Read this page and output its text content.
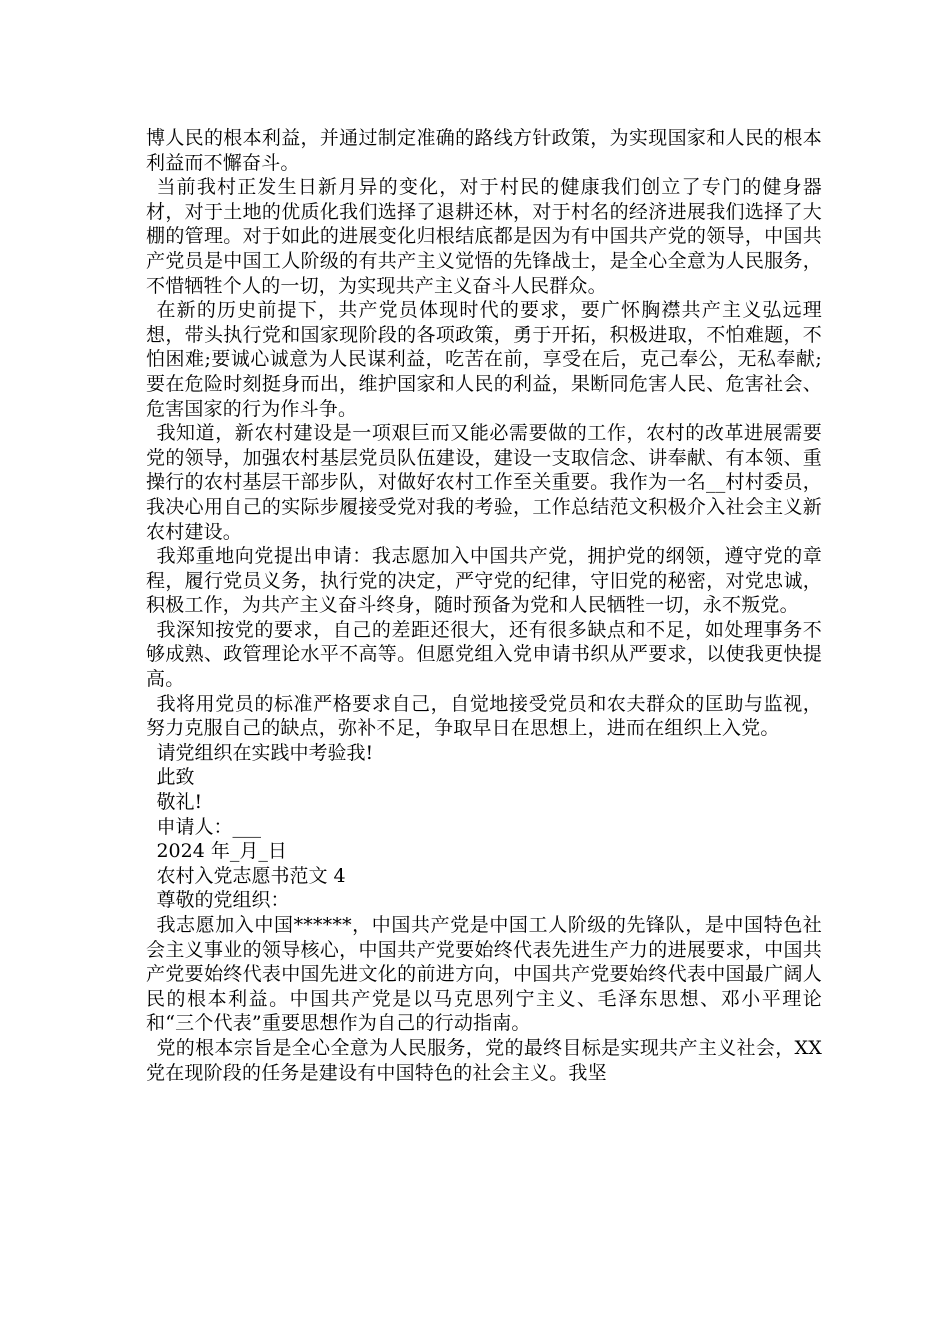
博人民的根本利益，并通过制定准确的路线方针政策，为实现国家和人民的根本利益而不懈奋斗。

当前我村正发生日新月异的变化，对于村民的健康我们创立了专门的健身器材，对于土地的优质化我们选择了退耕还林，对于村名的经济进展我们选择了大棚的管理。对于如此的进展变化归根结底都是因为有中国共产党的领导，中国共产党员是中国工人阶级的有共产主义觉悟的先锋战士，是全心全意为人民服务，不惜牺牲个人的一切，为实现共产主义奋斗人民群众。

在新的历史前提下，共产党员体现时代的要求，要广怀胸襟共产主义弘远理想，带头执行党和国家现阶段的各项政策，勇于开拓，积极进取，不怕难题，不怕困难;要诚心诚意为人民谋利益，吃苦在前，享受在后，克己奉公，无私奉献;要在危险时刻挺身而出，维护国家和人民的利益，果断同危害人民、危害社会、危害国家的行为作斗争。

我知道，新农村建设是一项艰巨而又能必需要做的工作，农村的改革进展需要党的领导，加强农村基层党员队伍建设，建设一支取信念、讲奉献、有本领、重操行的农村基层干部步队，对做好农村工作至关重要。我作为一名__村村委员，我决心用自己的实际步履接受党对我的考验，工作总结范文积极介入社会主义新农村建设。

我郑重地向党提出申请：我志愿加入中国共产党，拥护党的纲领，遵守党的章程，履行党员义务，执行党的决定，严守党的纪律，守旧党的秘密，对党忠诚，积极工作，为共产主义奋斗终身，随时预备为党和人民牺牲一切，永不叛党。

我深知按党的要求，自己的差距还很大，还有很多缺点和不足，如处理事务不够成熟、政管理论水平不高等。但愿党组入党申请书织从严要求，以使我更快提高。

我将用党员的标准严格要求自己，自觉地接受党员和农夫群众的匡助与监视，努力克服自己的缺点，弥补不足，争取早日在思想上，进而在组织上入党。

请党组织在实践中考验我!

此致

敬礼!

申请人：___

2024 年_月_日

农村入党志愿书范文 4

尊敬的党组织：

我志愿加入中国******，中国共产党是中国工人阶级的先锋队，是中国特色社会主义事业的领导核心，中国共产党要始终代表先进生产力的进展要求，中国共产党要始终代表中国先进文化的前进方向，中国共产党要始终代表中国最广阔人民的根本利益。中国共产党是以马克思列宁主义、毛泽东思想、邓小平理论和“三个代表”重要思想作为自己的行动指南。

党的根本宗旨是全心全意为人民服务，党的最终目标是实现共产主义社会，XX 党在现阶段的任务是建设有中国特色的社会主义。我坚
